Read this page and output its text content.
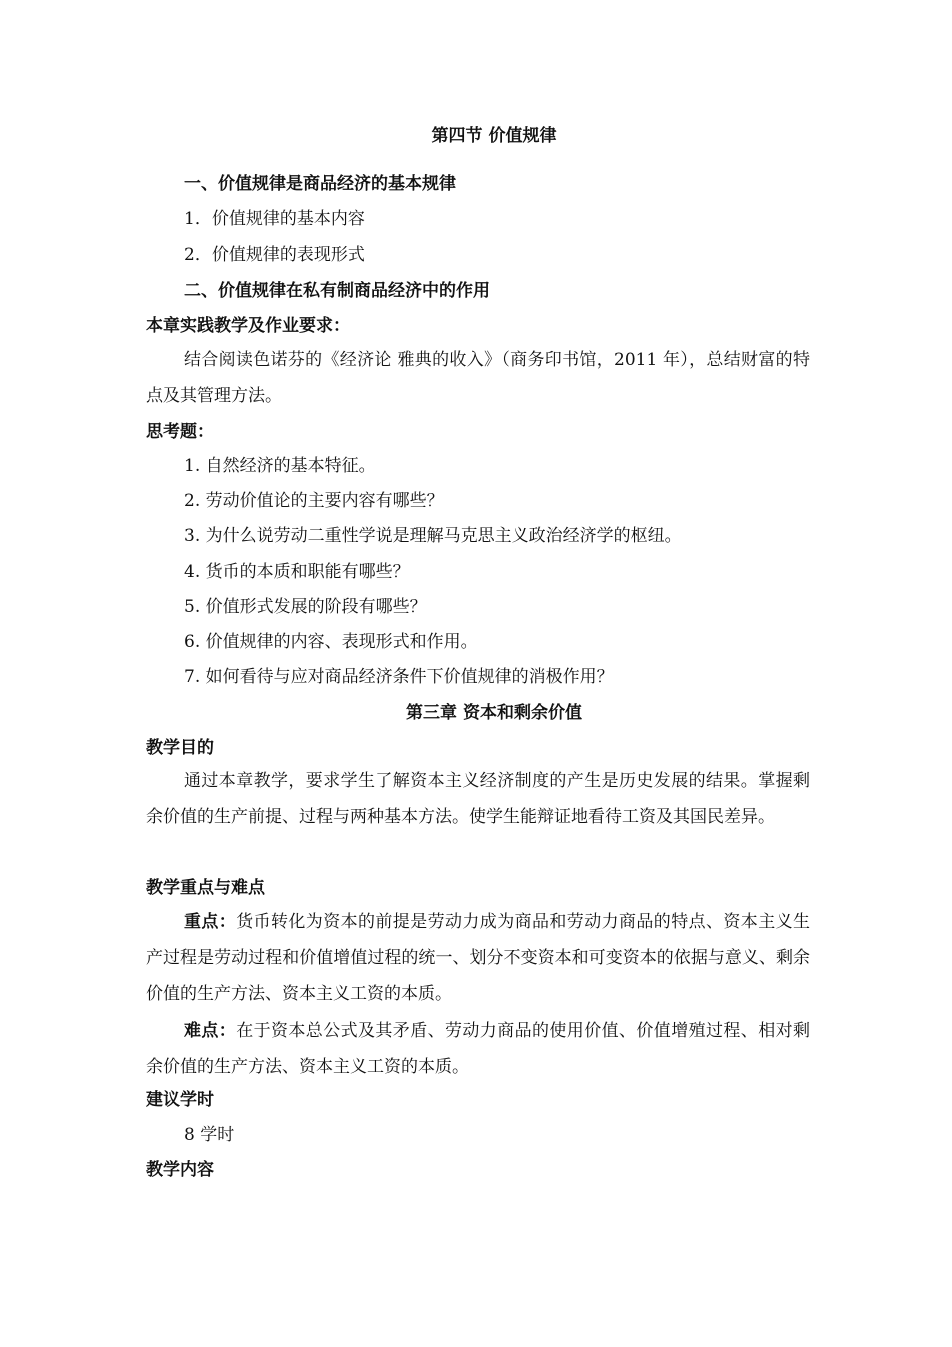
第四节 价值规律
一、价值规律是商品经济的基本规律
1．价值规律的基本内容
2．价值规律的表现形式
二、价值规律在私有制商品经济中的作用
本章实践教学及作业要求：
结合阅读色诺芬的《经济论 雅典的收入》（商务印书馆，2011 年），总结财富的特点及其管理方法。
思考题：
1. 自然经济的基本特征。
2. 劳动价值论的主要内容有哪些？
3. 为什么说劳动二重性学说是理解马克思主义政治经济学的枢纽。
4. 货币的本质和职能有哪些？
5. 价值形式发展的阶段有哪些？
6. 价值规律的内容、表现形式和作用。
7. 如何看待与应对商品经济条件下价值规律的消极作用？
第三章 资本和剩余价值
教学目的
通过本章教学，要求学生了解资本主义经济制度的产生是历史发展的结果。掌握剩余价值的生产前提、过程与两种基本方法。使学生能辩证地看待工资及其国民差异。
教学重点与难点
重点：货币转化为资本的前提是劳动力成为商品和劳动力商品的特点、资本主义生产过程是劳动过程和价值增值过程的统一、划分不变资本和可变资本的依据与意义、剩余价值的生产方法、资本主义工资的本质。
难点：在于资本总公式及其矛盾、劳动力商品的使用价值、价值增殖过程、相对剩余价值的生产方法、资本主义工资的本质。
建议学时
8 学时
教学内容
